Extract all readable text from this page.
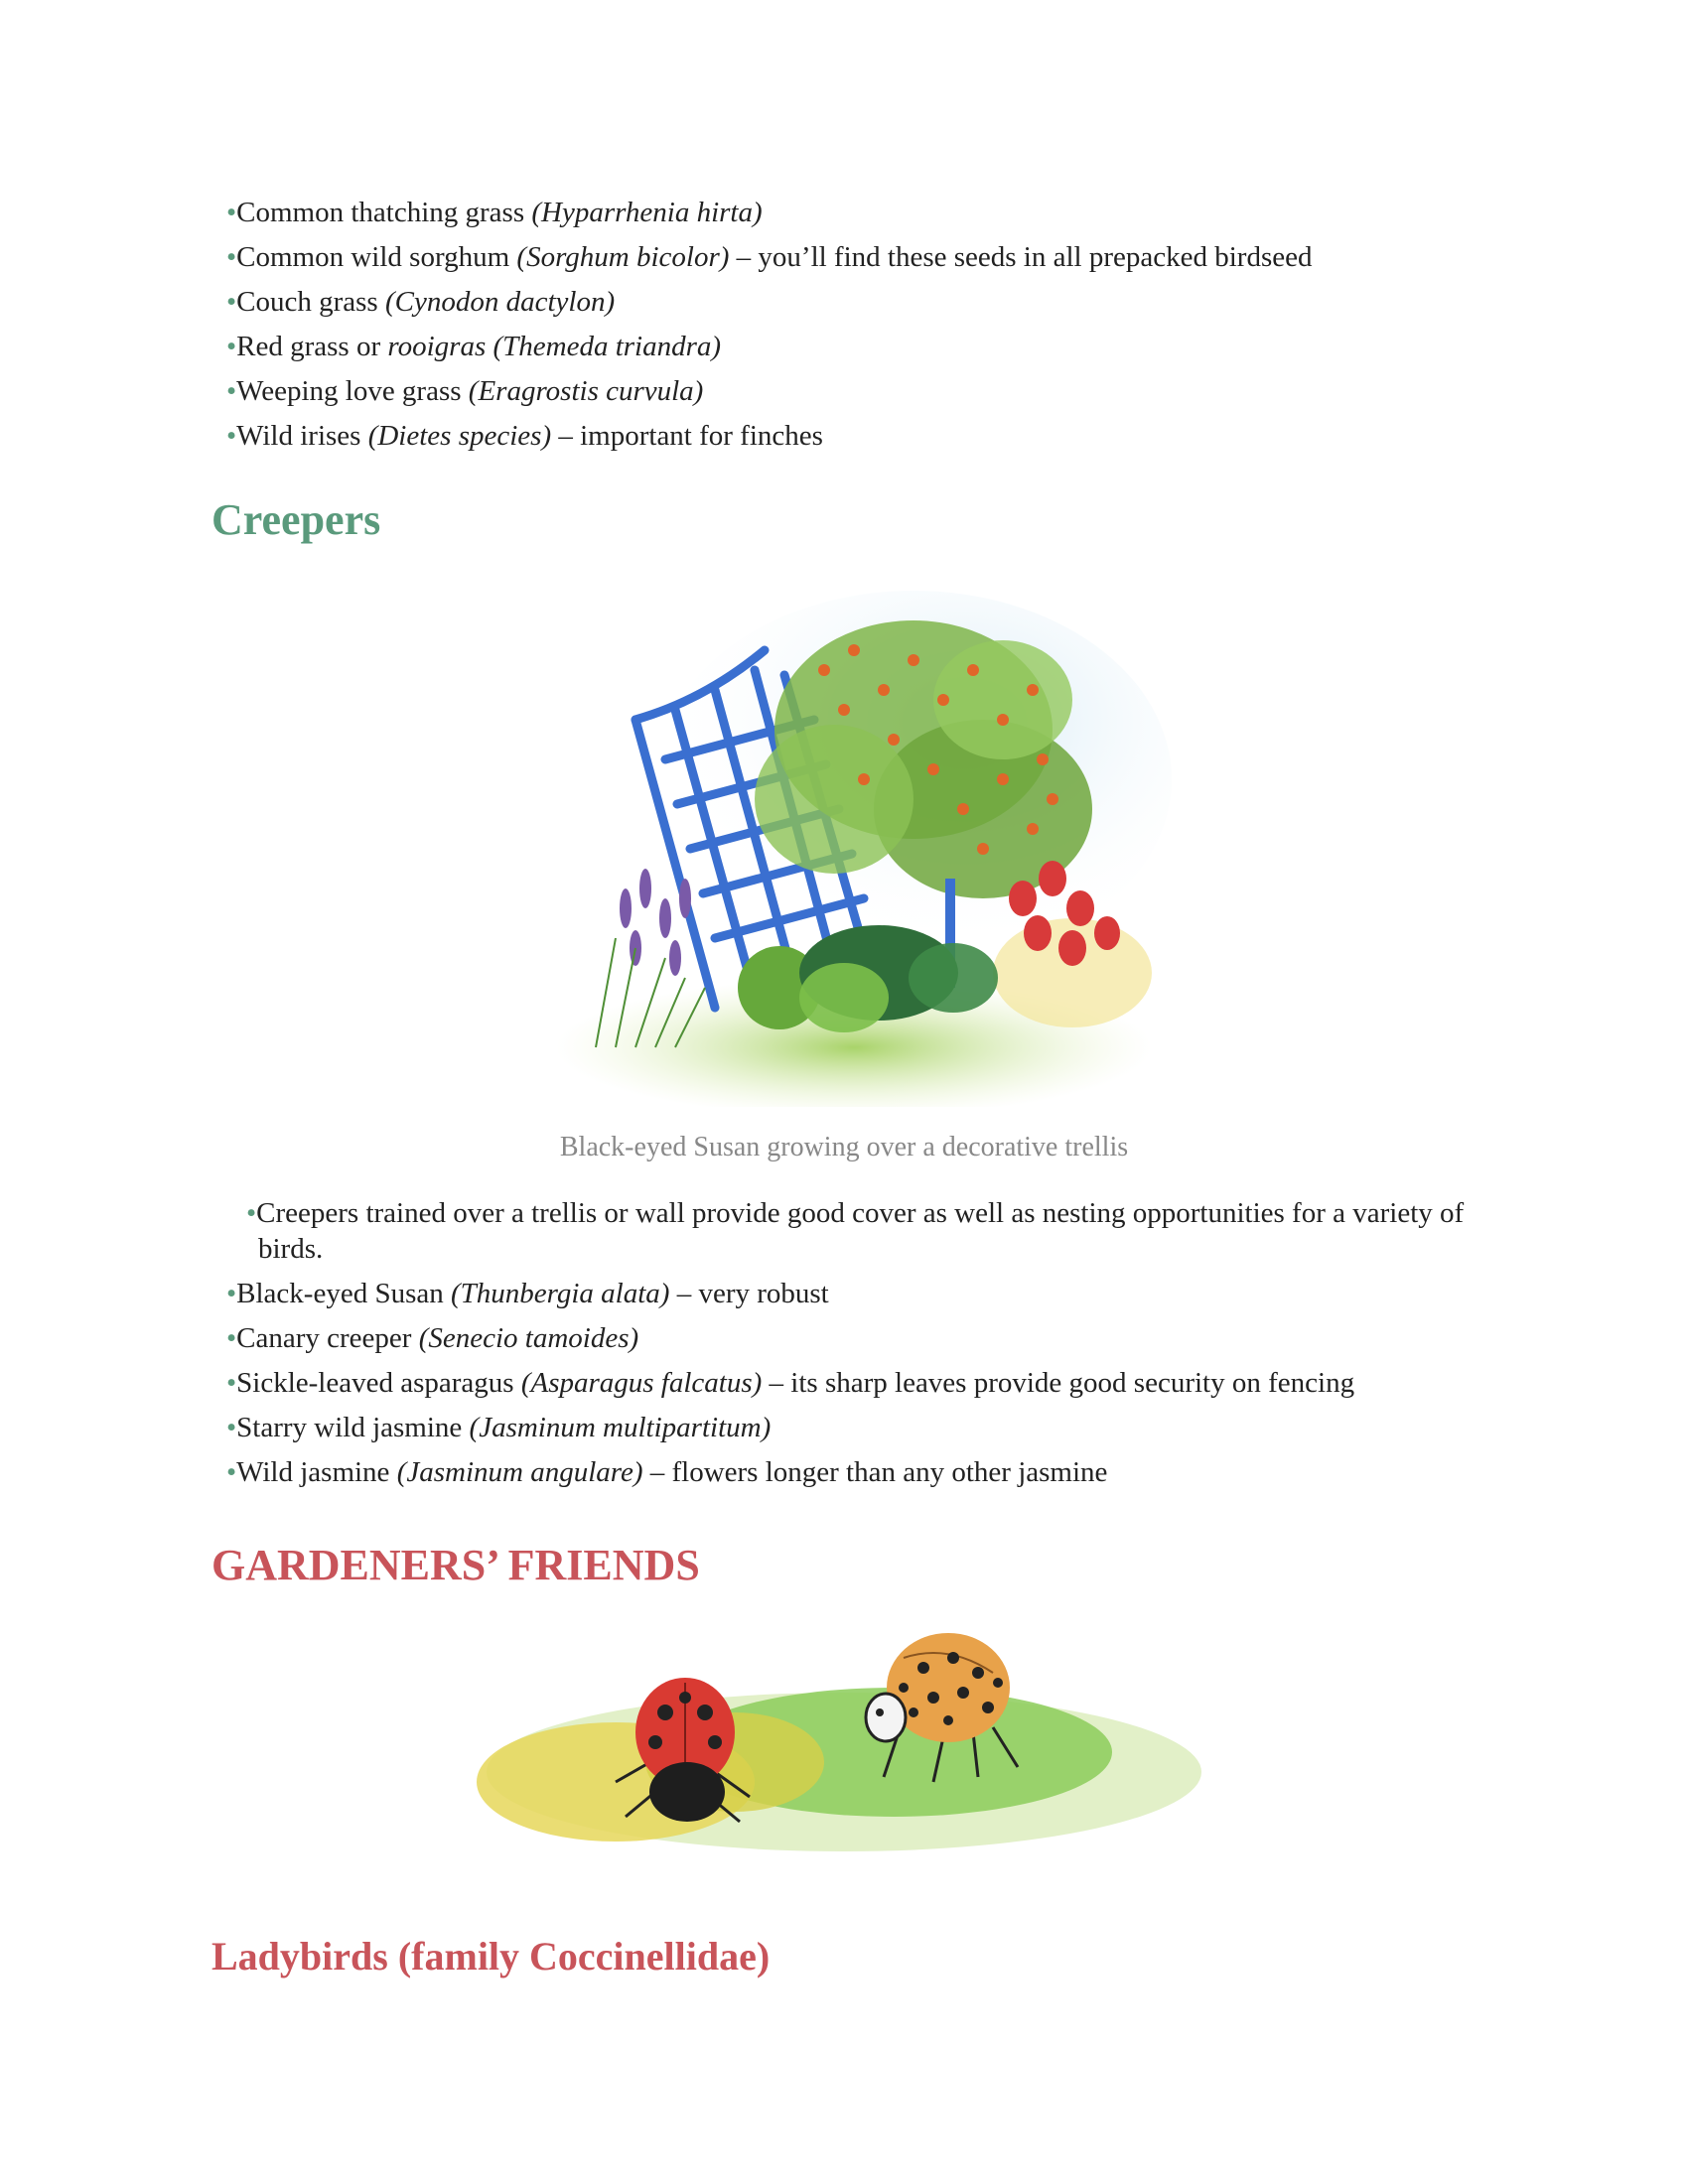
•Common thatching grass (Hyparrhenia hirta)
•Common wild sorghum (Sorghum bicolor) – you’ll find these seeds in all prepacked birdseed
•Couch grass (Cynodon dactylon)
•Red grass or rooigras (Themeda triandra)
•Weeping love grass (Eragrostis curvula)
•Wild irises (Dietes species) – important for finches
Creepers
Black-eyed Susan growing over a decorative trellis
•Creepers trained over a trellis or wall provide good cover as well as nesting opportunities for a variety of birds.
•Black-eyed Susan (Thunbergia alata) – very robust
•Canary creeper (Senecio tamoides)
•Sickle-leaved asparagus (Asparagus falcatus) – its sharp leaves provide good security on fencing
•Starry wild jasmine (Jasminum multipartitum)
•Wild jasmine (Jasminum angulare) – flowers longer than any other jasmine
GARDENERS’ FRIENDS
Ladybirds (family Coccinellidae)
